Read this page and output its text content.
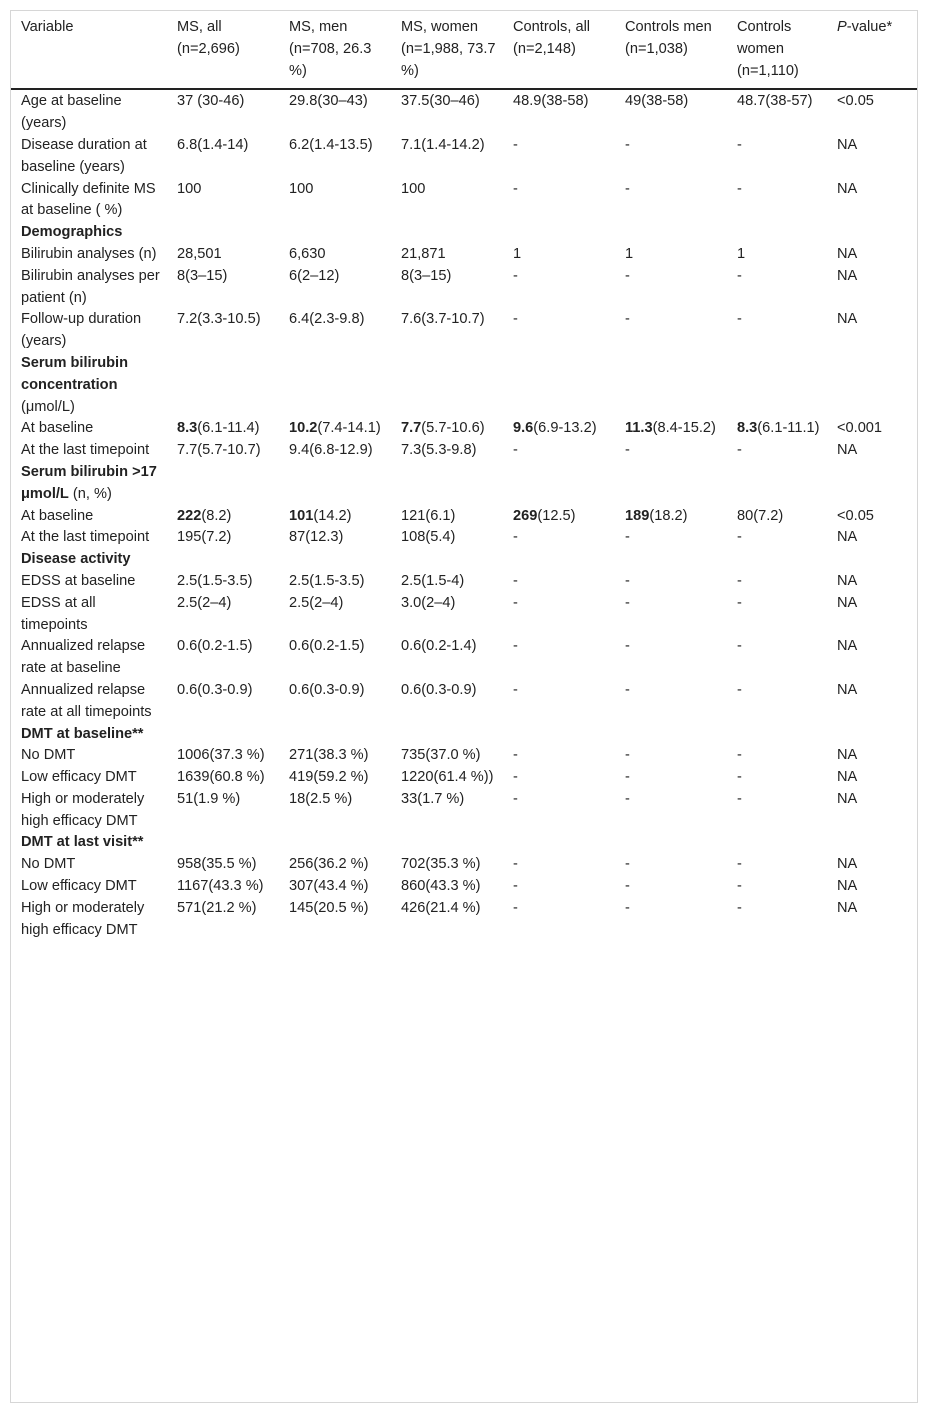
Variable	MS, all (n=2,696)	MS, men (n=708, 26.3 %)	MS, women (n=1,988, 73.7 %)	Controls, all (n=2,148)	Controls men (n=1,038)	Controls women (n=1,110)	P-value*
Age at baseline (years)	37 (30-46)	29.8(30–43)	37.5(30–46)	48.9(38-58)	49(38-58)	48.7(38-57)	<0.05
Disease duration at baseline (years)	6.8(1.4-14)	6.2(1.4-13.5)	7.1(1.4-14.2)	-	-	-	NA
Clinically definite MS at baseline ( %)	100	100	100	-	-	-	NA
Demographics							
Bilirubin analyses (n)	28,501	6,630	21,871	1	1	1	NA
Bilirubin analyses per patient (n)	8(3–15)	6(2–12)	8(3–15)	-	-	-	NA
Follow-up duration (years)	7.2(3.3-10.5)	6.4(2.3-9.8)	7.6(3.7-10.7)	-	-	-	NA
Serum bilirubin concentration (μmol/L)							
At baseline	8.3(6.1-11.4)	10.2(7.4-14.1)	7.7(5.7-10.6)	9.6(6.9-13.2)	11.3(8.4-15.2)	8.3(6.1-11.1)	<0.001
At the last timepoint	7.7(5.7-10.7)	9.4(6.8-12.9)	7.3(5.3-9.8)	-	-	-	NA
Serum bilirubin >17 μmol/L (n, %)							
At baseline	222(8.2)	101(14.2)	121(6.1)	269(12.5)	189(18.2)	80(7.2)	<0.05
At the last timepoint	195(7.2)	87(12.3)	108(5.4)	-	-	-	NA
Disease activity							
EDSS at baseline	2.5(1.5-3.5)	2.5(1.5-3.5)	2.5(1.5-4)	-	-	-	NA
EDSS at all timepoints	2.5(2–4)	2.5(2–4)	3.0(2–4)	-	-	-	NA
Annualized relapse rate at baseline	0.6(0.2-1.5)	0.6(0.2-1.5)	0.6(0.2-1.4)	-	-	-	NA
Annualized relapse rate at all timepoints	0.6(0.3-0.9)	0.6(0.3-0.9)	0.6(0.3-0.9)	-	-	-	NA
DMT at baseline**							
No DMT	1006(37.3 %)	271(38.3 %)	735(37.0 %)	-	-	-	NA
Low efficacy DMT	1639(60.8 %)	419(59.2 %)	1220(61.4 %))	-	-	-	NA
High or moderately high efficacy DMT	51(1.9 %)	18(2.5 %)	33(1.7 %)	-	-	-	NA
DMT at last visit**							
No DMT	958(35.5 %)	256(36.2 %)	702(35.3 %)	-	-	-	NA
Low efficacy DMT	1167(43.3 %)	307(43.4 %)	860(43.3 %)	-	-	-	NA
High or moderately high efficacy DMT	571(21.2 %)	145(20.5 %)	426(21.4 %)	-	-	-	NA
